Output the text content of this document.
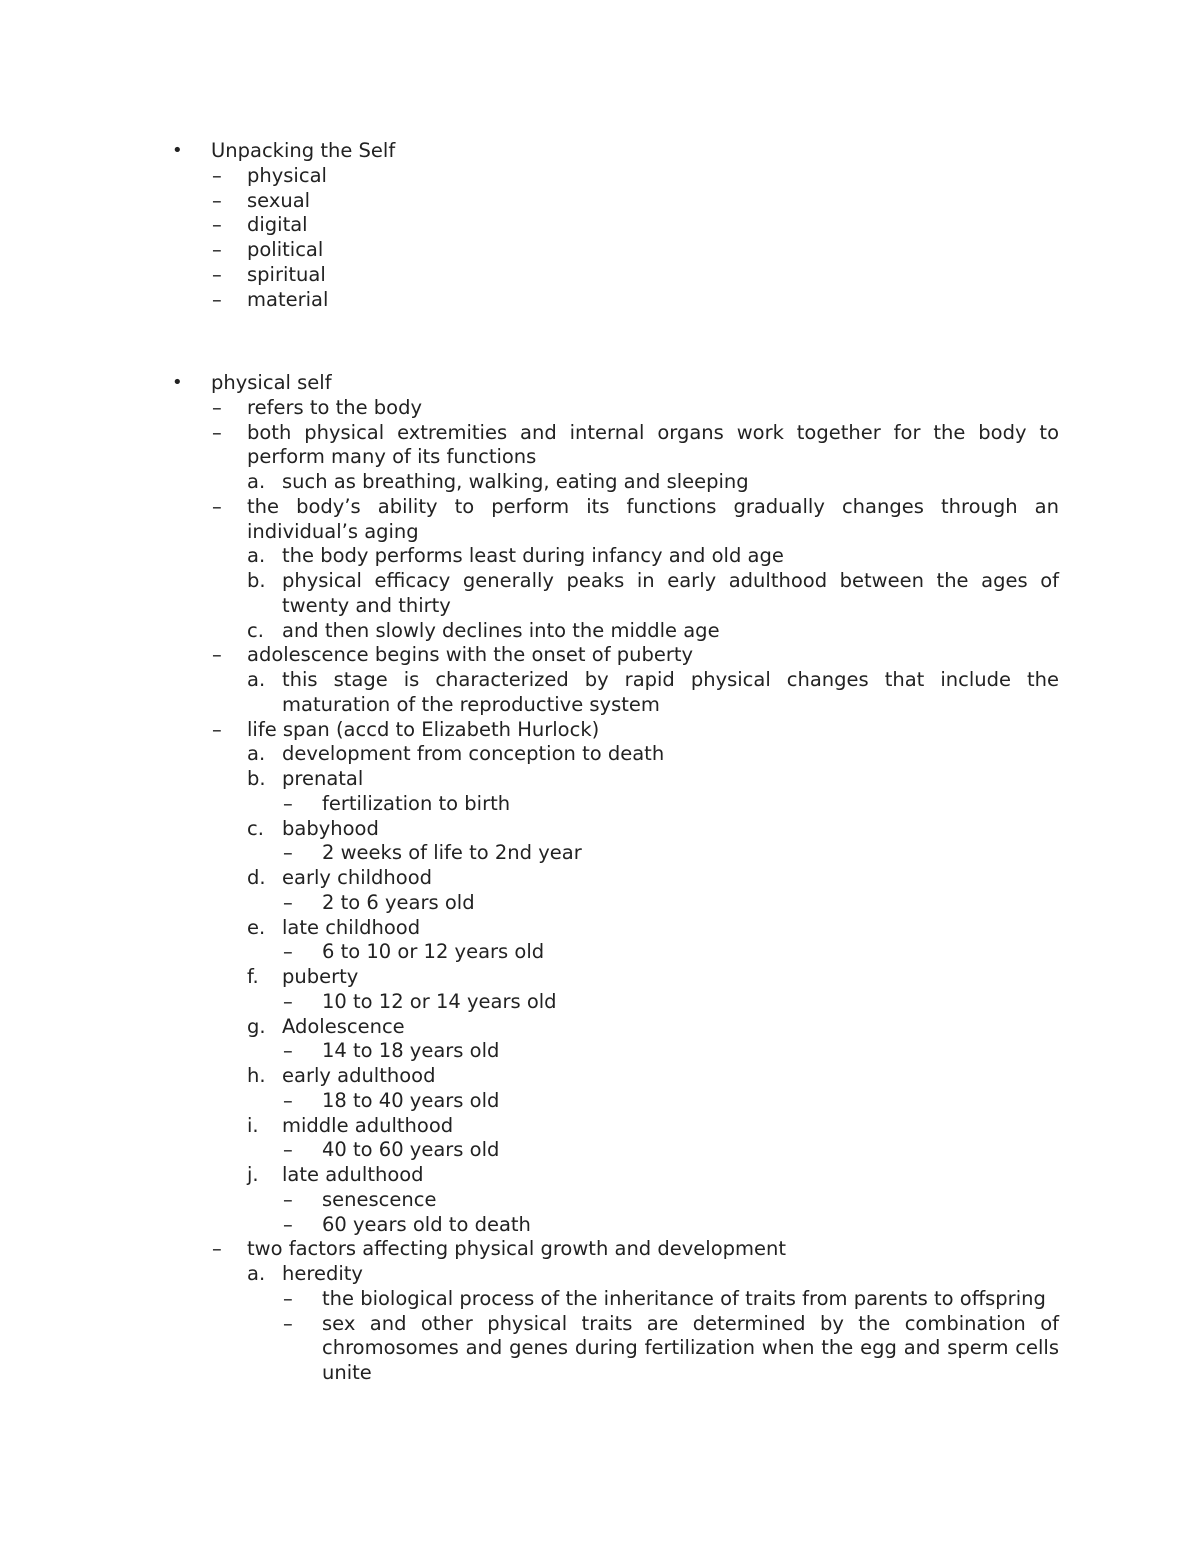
• Unpacking the Self
– physical
– sexual
– digital
– political
– spiritual
– material
• physical self
– refers to the body
– both physical extremities and internal organs work together for the body to perform many of its functions
a. such as breathing, walking, eating and sleeping
– the body’s ability to perform its functions gradually changes through an individual’s aging
a. the body performs least during infancy and old age
b. physical efficacy generally peaks in early adulthood between the ages of twenty and thirty
c. and then slowly declines into the middle age
– adolescence begins with the onset of puberty
a. this stage is characterized by rapid physical changes that include the maturation of the reproductive system
– life span (accd to Elizabeth Hurlock)
a. development from conception to death
b. prenatal
– fertilization to birth
c. babyhood
– 2 weeks of life to 2nd year
d. early childhood
– 2 to 6 years old
e. late childhood
– 6 to 10 or 12 years old
f. puberty
– 10 to 12 or 14 years old
g. Adolescence
– 14 to 18 years old
h. early adulthood
– 18 to 40 years old
i. middle adulthood
– 40 to 60 years old
j. late adulthood
– senescence
– 60 years old to death
– two factors affecting physical growth and development
a. heredity
– the biological process of the inheritance of traits from parents to offspring
– sex and other physical traits are determined by the combination of chromosomes and genes during fertilization when the egg and sperm cells unite
